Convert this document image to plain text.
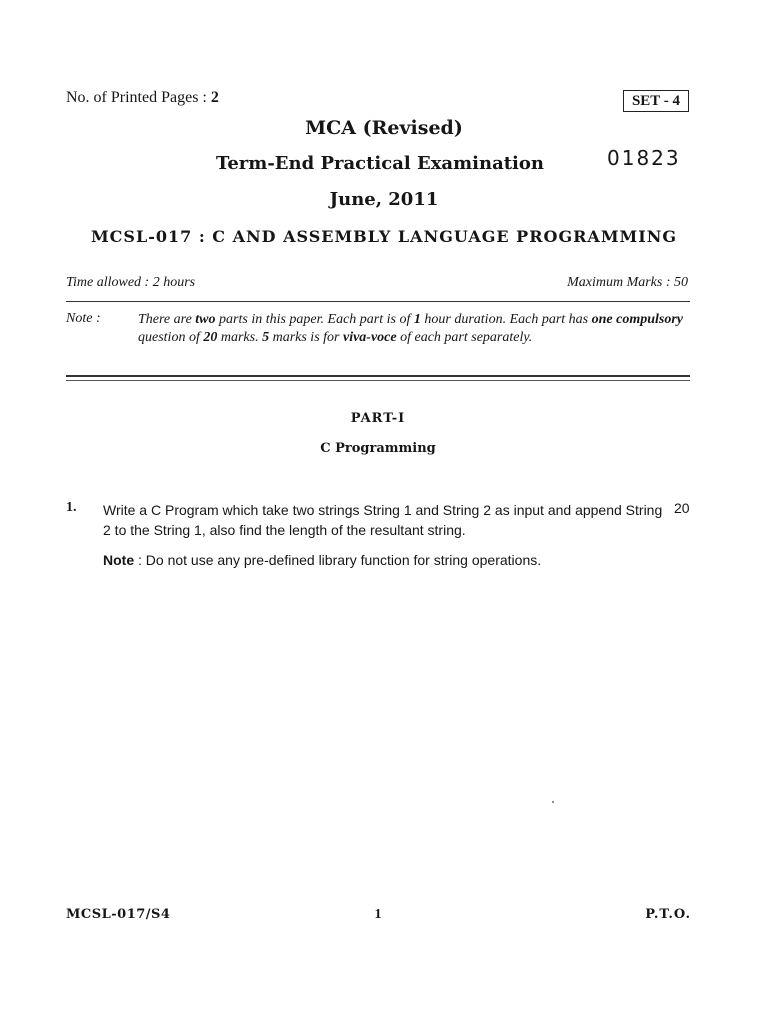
No. of Printed Pages : 2	SET - 4
MCA (Revised)
Term-End Practical Examination	01823
June, 2011
MCSL-017 : C AND ASSEMBLY LANGUAGE PROGRAMMING
Time allowed : 2 hours	Maximum Marks : 50
Note :	There are two parts in this paper. Each part is of 1 hour duration. Each part has one compulsory question of 20 marks. 5 marks is for viva-voce of each part separately.
PART-I
C Programming
1. Write a C Program which take two strings String 1 and String 2 as input and append String 2 to the String 1, also find the length of the resultant string.
20
Note : Do not use any pre-defined library function for string operations.
MCSL-017/S4	1	P.T.O.
